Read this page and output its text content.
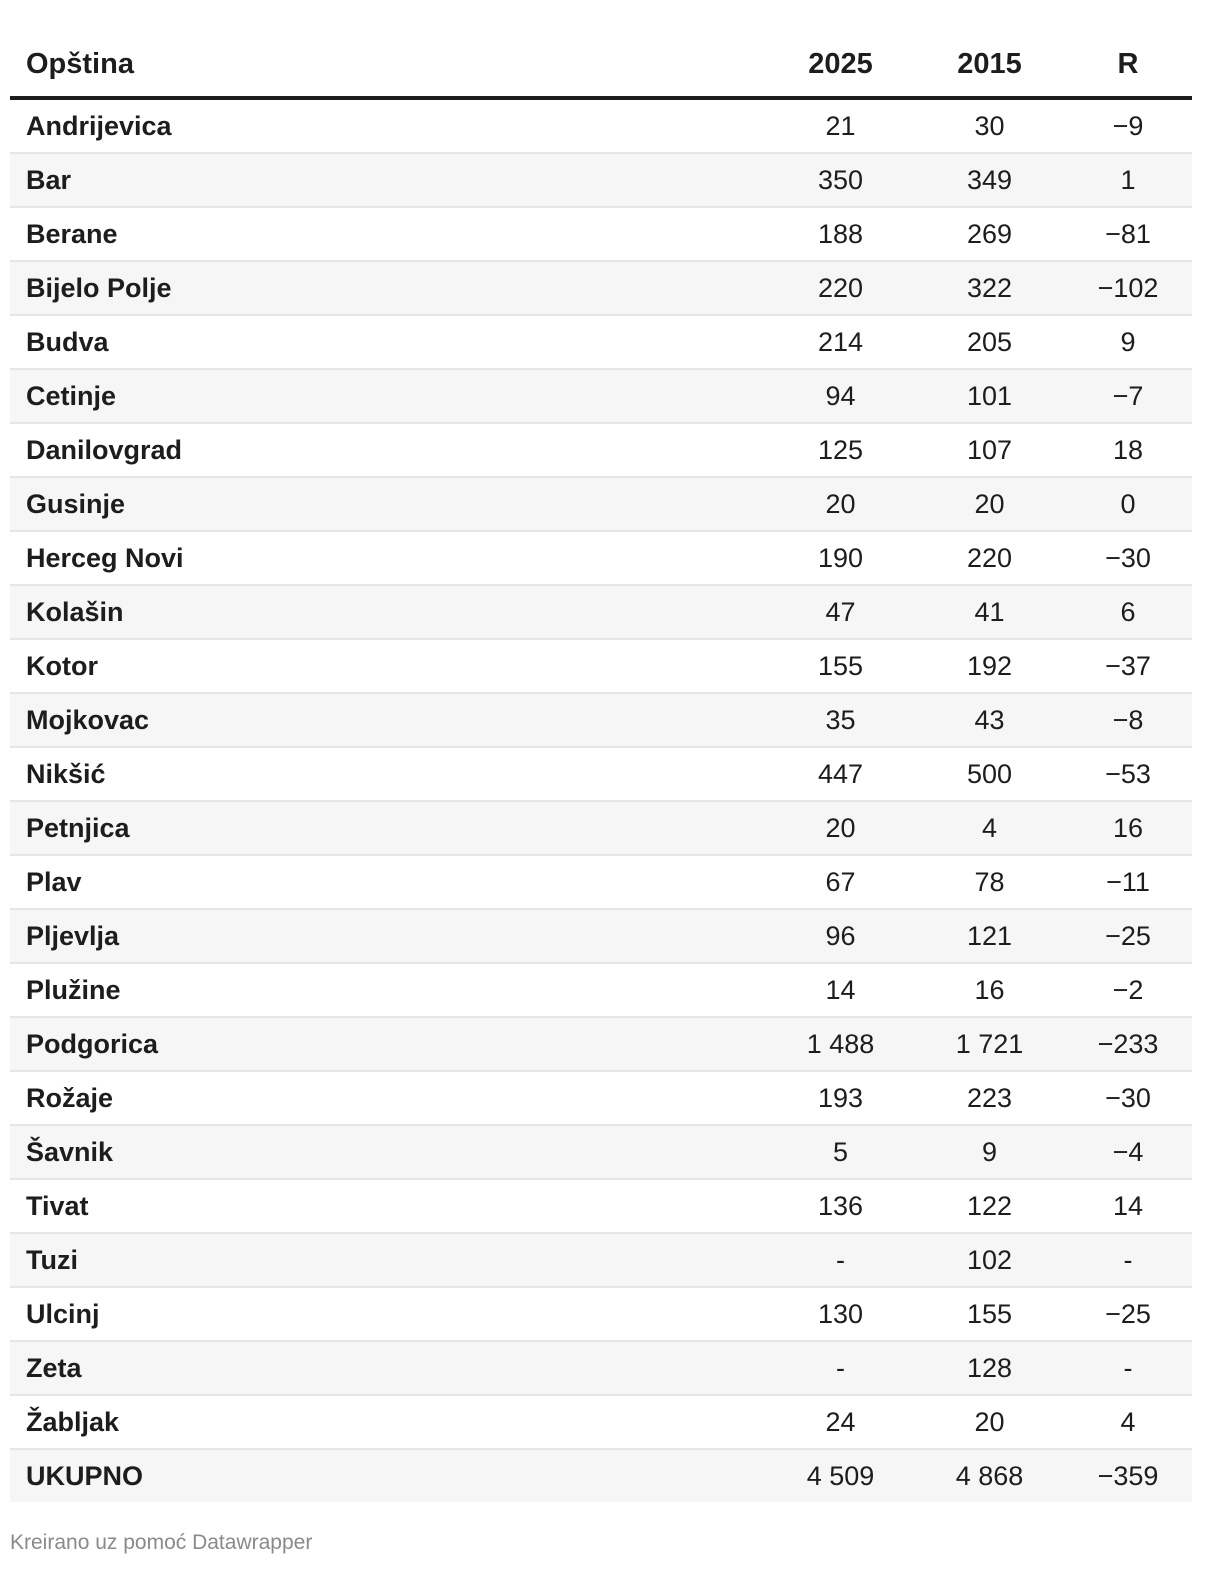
Opština	2025	2015	R
Andrijevica	21	30	−9
Bar	350	349	1
Berane	188	269	−81
Bijelo Polje	220	322	−102
Budva	214	205	9
Cetinje	94	101	−7
Danilovgrad	125	107	18
Gusinje	20	20	0
Herceg Novi	190	220	−30
Kolašin	47	41	6
Kotor	155	192	−37
Mojkovac	35	43	−8
Nikšić	447	500	−53
Petnjica	20	4	16
Plav	67	78	−11
Pljevlja	96	121	−25
Plužine	14	16	−2
Podgorica	1 488	1 721	−233
Rožaje	193	223	−30
Šavnik	5	9	−4
Tivat	136	122	14
Tuzi	-	102	-
Ulcinj	130	155	−25
Zeta	-	128	-
Žabljak	24	20	4
UKUPNO	4 509	4 868	−359
Kreirano uz pomoć Datawrapper
